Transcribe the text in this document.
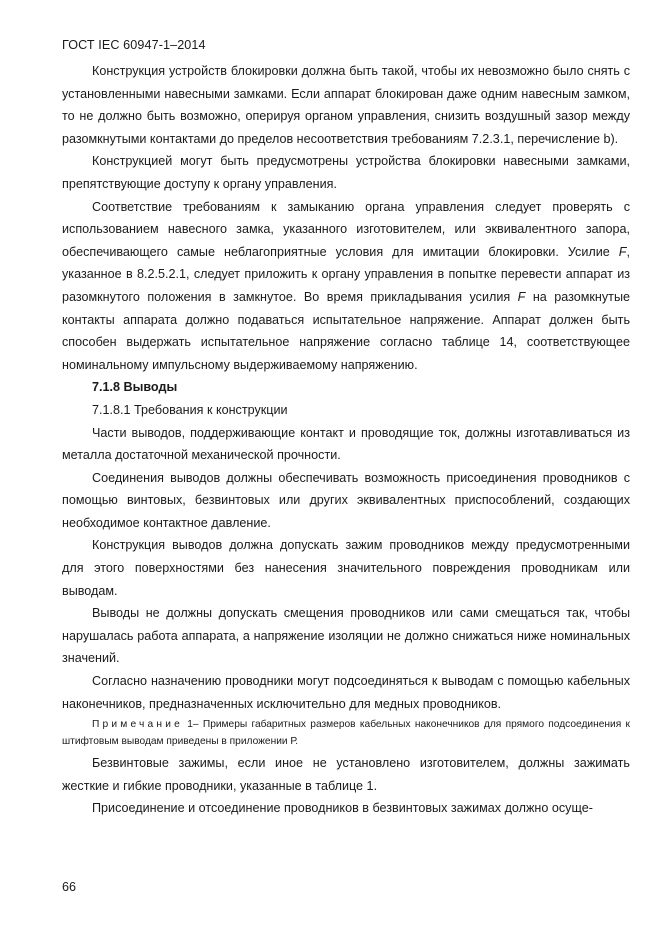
ГОСТ IEC 60947-1–2014

Конструкция устройств блокировки должна быть такой, чтобы их невозможно было снять с установленными навесными замками. Если аппарат блокирован даже одним навесным замком, то не должно быть возможно, оперируя органом управления, снизить воздушный зазор между разомкнутыми контактами до пределов несоответствия требованиям 7.2.3.1, перечисление b).

Конструкцией могут быть предусмотрены устройства блокировки навесными замками, препятствующие доступу к органу управления.

Соответствие требованиям к замыканию органа управления следует проверять с использованием навесного замка, указанного изготовителем, или эквивалентного запора, обеспечивающего самые неблагоприятные условия для имитации блокировки. Усилие F, указанное в 8.2.5.2.1, следует приложить к органу управления в попытке перевести аппарат из разомкнутого положения в замкнутое. Во время прикладывания усилия F на разомкнутые контакты аппарата должно подаваться испытательное напряжение. Аппарат должен быть способен выдержать испытательное напряжение согласно таблице 14, соответствующее номинальному импульсному выдерживаемому напряжению.

7.1.8 Выводы

7.1.8.1 Требования к конструкции

Части выводов, поддерживающие контакт и проводящие ток, должны изготавливаться из металла достаточной механической прочности.

Соединения выводов должны обеспечивать возможность присоединения проводников с помощью винтовых, безвинтовых или других эквивалентных приспособлений, создающих необходимое контактное давление.

Конструкция выводов должна допускать зажим проводников между предусмотренными для этого поверхностями без нанесения значительного повреждения проводникам или выводам.

Выводы не должны допускать смещения проводников или сами смещаться так, чтобы нарушалась работа аппарата, а напряжение изоляции не должно снижаться ниже номинальных значений.

Согласно назначению проводники могут подсоединяться к выводам с помощью кабельных наконечников, предназначенных исключительно для медных проводников.

Примечание 1– Примеры габаритных размеров кабельных наконечников для прямого подсоединения к штифтовым выводам приведены в приложении Р.

Безвинтовые зажимы, если иное не установлено изготовителем, должны зажимать жесткие и гибкие проводники, указанные в таблице 1.

Присоединение и отсоединение проводников в безвинтовых зажимах должно осуще-

66
